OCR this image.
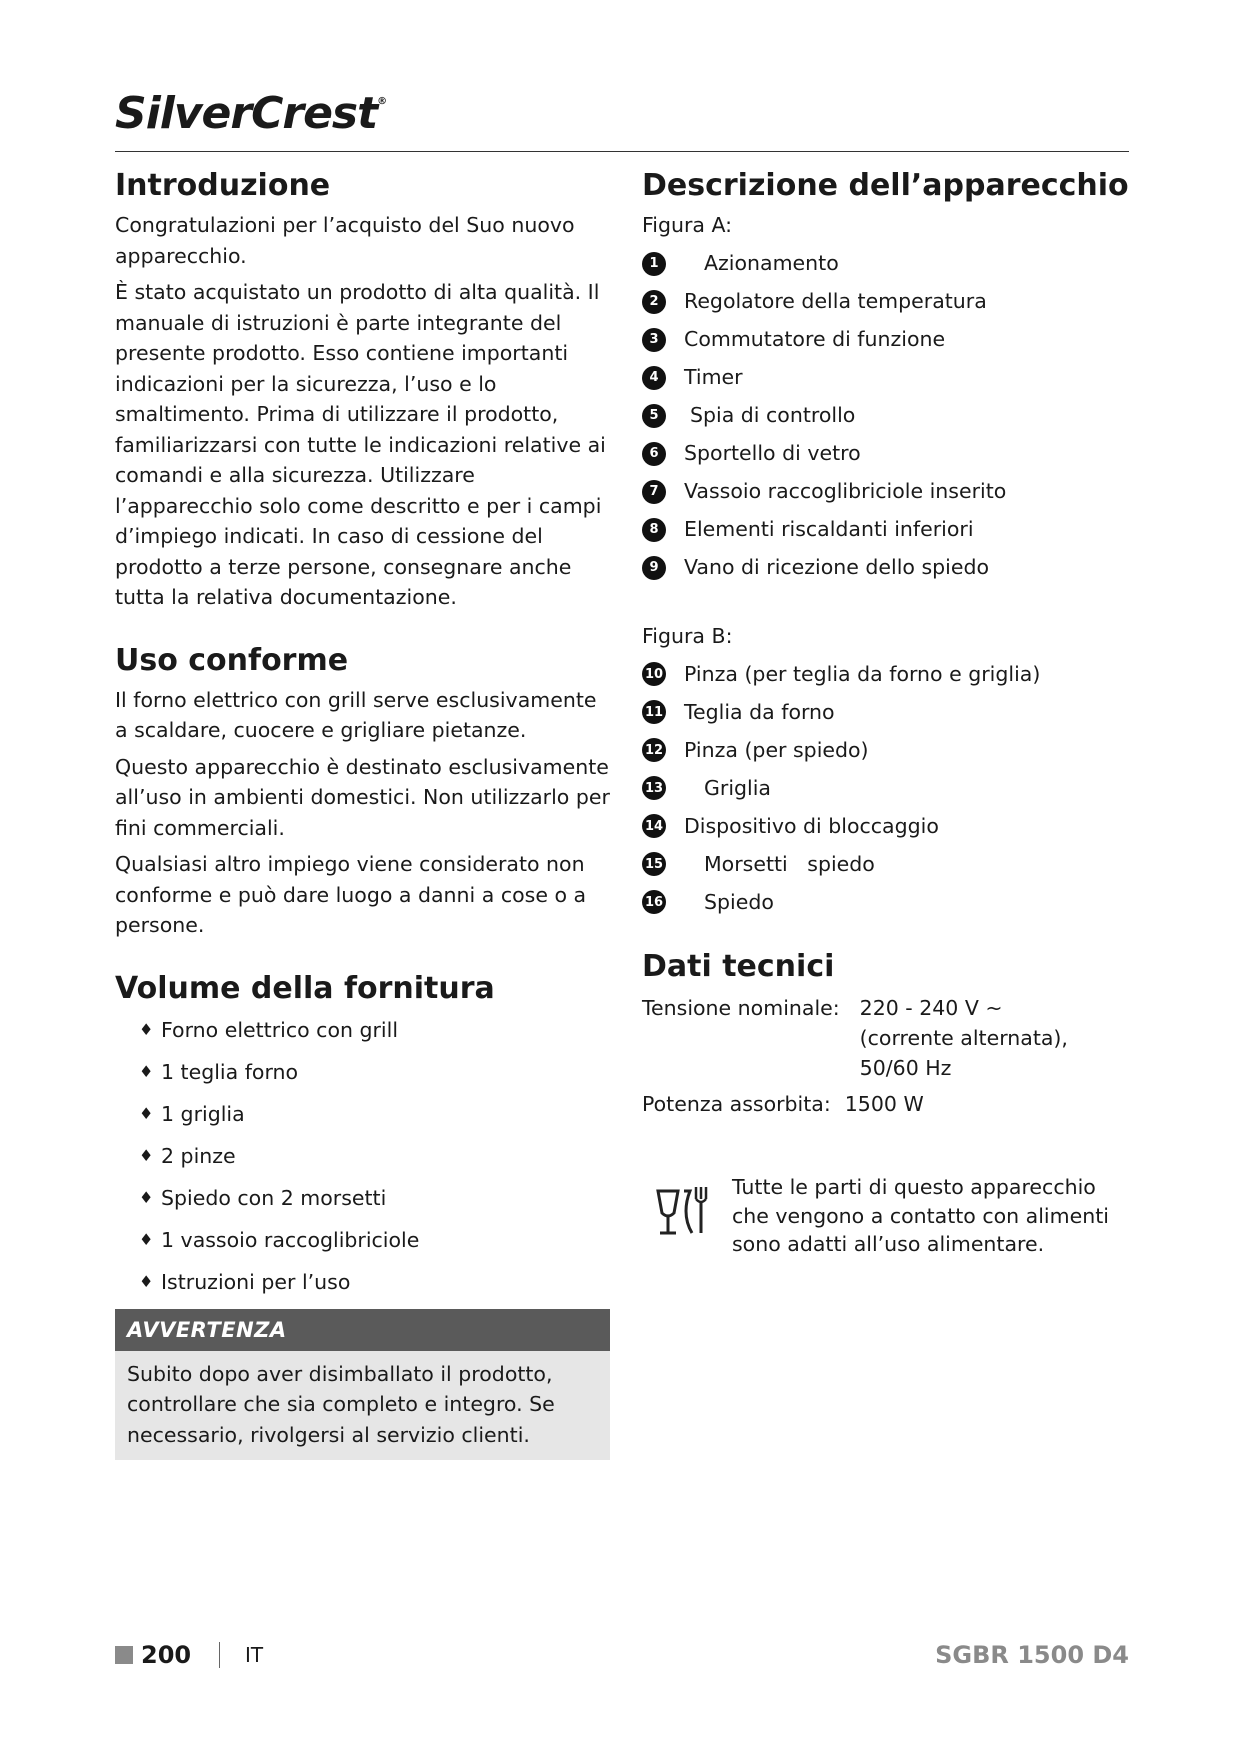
SilverCrest®
Introduzione

Congratulazioni per l’acquisto del Suo nuovo apparecchio.

È stato acquistato un prodotto di alta qualità. Il manuale di istruzioni è parte integrante del presente prodotto. Esso contiene importanti indicazioni per la sicurezza, l’uso e lo smaltimento. Prima di utilizzare il prodotto, familiarizzarsi con tutte le indicazioni relative ai comandi e alla sicurezza. Utilizzare l’apparecchio solo come descritto e per i campi d’impiego indicati. In caso di cessione del prodotto a terze persone, consegnare anche tutta la relativa documentazione.

Uso conforme

Il forno elettrico con grill serve esclusivamente a scaldare, cuocere e grigliare pietanze.

Questo apparecchio è destinato esclusivamente all’uso in ambienti domestici. Non utilizzarlo per fini commerciali.

Qualsiasi altro impiego viene considerato non conforme e può dare luogo a danni a cose o a persone.

Volume della fornitura
♦ Forno elettrico con grill
♦ 1 teglia forno
♦ 1 griglia
♦ 2 pinze
♦ Spiedo con 2 morsetti
♦ 1 vassoio raccoglibriciole
♦ Istruzioni per l’uso
AVVERTENZA
Subito dopo aver disimballato il prodotto, controllare che sia completo e integro. Se necessario, rivolgersi al servizio clienti.
Descrizione dell’apparecchio

Figura A:

1	Azionamento
2	Regolatore della temperatura
3	Commutatore di funzione
4	Timer
5	Spia di controllo
6	Sportello di vetro
7	Vassoio raccoglibriciole inserito
8	Elementi riscaldanti inferiori
9	Vano di ricezione dello spiedo

Figura B:

10 Pinza (per teglia da forno e griglia)
11 Teglia da forno
12 Pinza (per spiedo)
13 Griglia
14 Dispositivo di bloccaggio
15 Morsetti   spiedo
16 Spiedo
Dati tecnici
Tensione nominale: 220 - 240 V ~
(corrente alternata),
50/60 Hz
Potenza assorbita: 1500 W
Tutte le parti di questo apparecchio che vengono a contatto con alimenti sono adatti all’uso alimentare.
200	IT	SGBR 1500 D4
